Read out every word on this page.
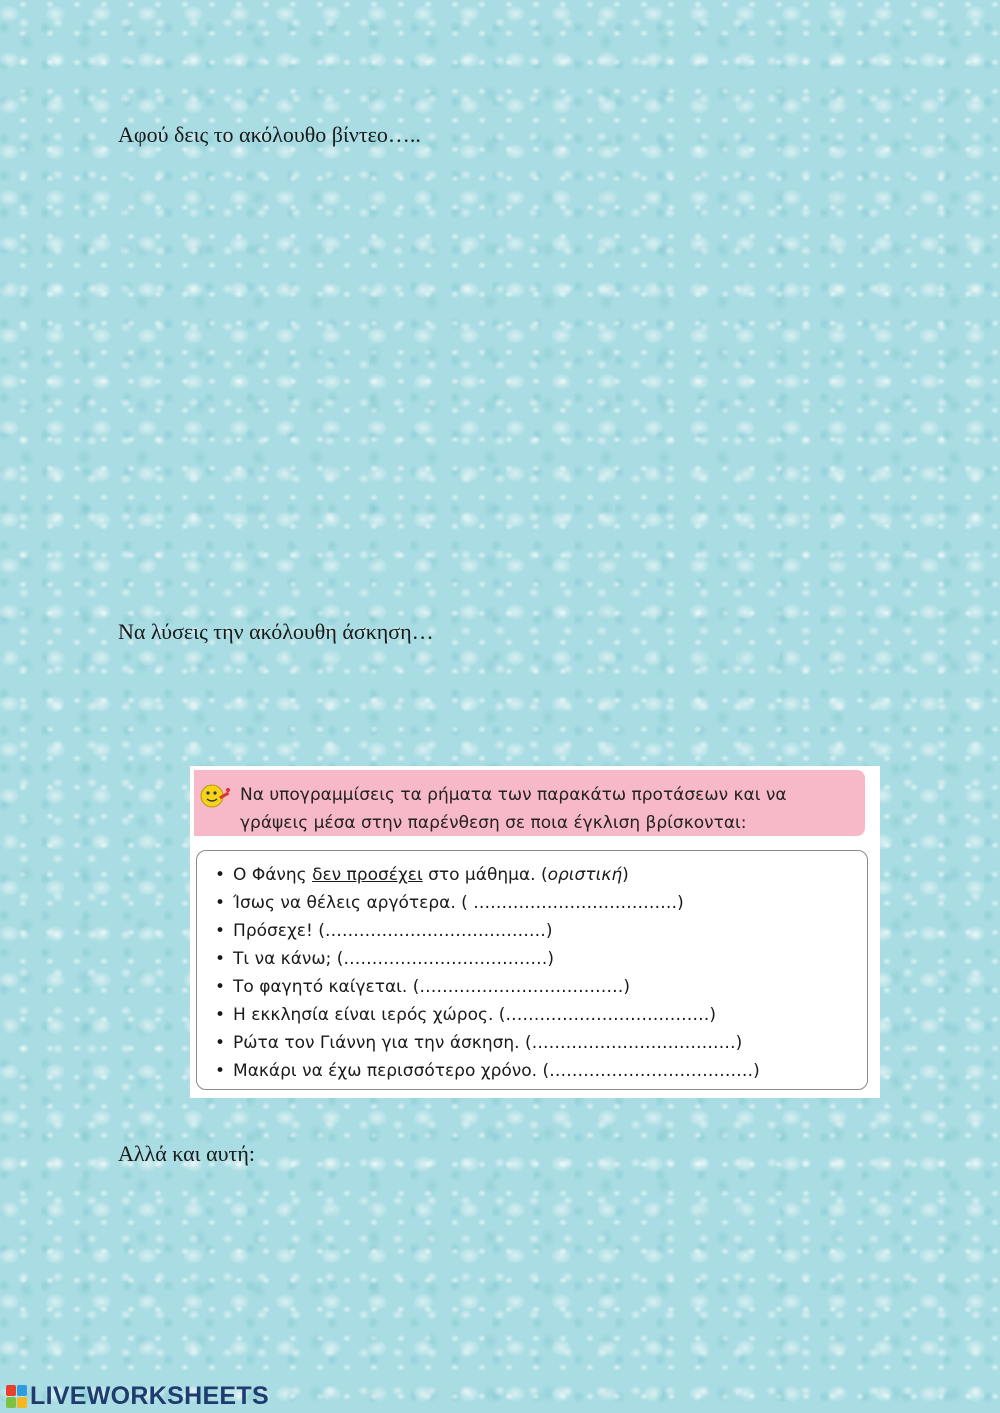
Αφού δεις το ακόλουθο βίντεο…..

Να λύσεις την ακόλουθη άσκηση…

Να υπογραμμίσεις τα ρήματα των παρακάτω προτάσεων και να
γράψεις μέσα στην παρένθεση σε ποια έγκλιση βρίσκονται:
• Ο Φάνης δεν προσέχει στο μάθημα. (οριστική)
• Ίσως να θέλεις αργότερα. ( ………………………………)
• Πρόσεχε! (…………………………………)
• Τι να κάνω; (………………………………)
• Το φαγητό καίγεται. (………………………………)
• Η εκκλησία είναι ιερός χώρος. (………………………………)
• Ρώτα τον Γιάννη για την άσκηση. (………………………………)
• Μακάρι να έχω περισσότερο χρόνο. (………………………………)

Αλλά και αυτή:

LIVEWORKSHEETS
